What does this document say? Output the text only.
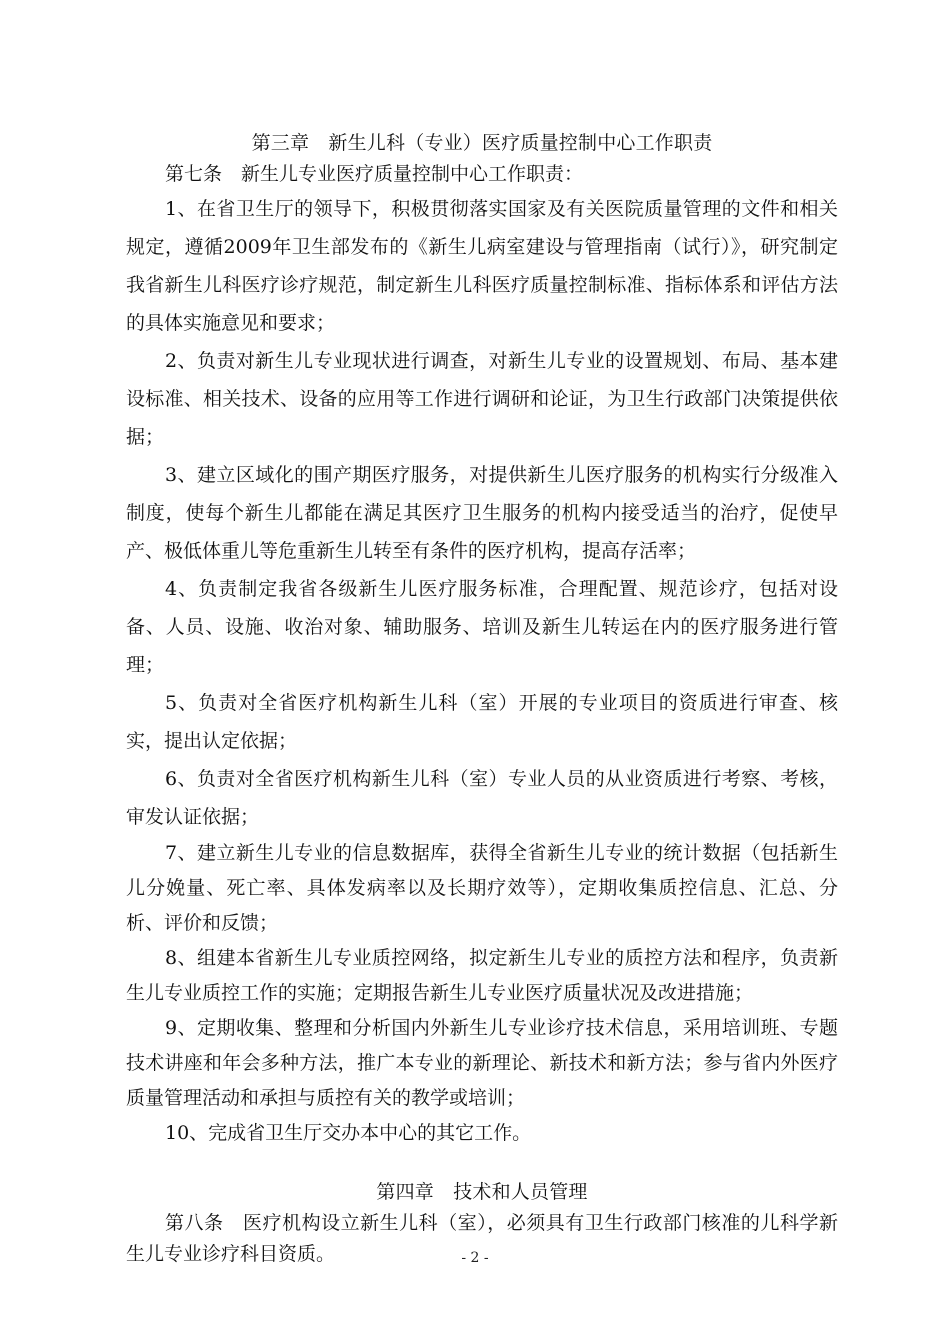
第三章　新生儿科（专业）医疗质量控制中心工作职责

第七条　新生儿专业医疗质量控制中心工作职责：

1、在省卫生厅的领导下，积极贯彻落实国家及有关医院质量管理的文件和相关规定，遵循2009年卫生部发布的《新生儿病室建设与管理指南（试行）》，研究制定我省新生儿科医疗诊疗规范，制定新生儿科医疗质量控制标准、指标体系和评估方法的具体实施意见和要求；

2、负责对新生儿专业现状进行调查，对新生儿专业的设置规划、布局、基本建设标准、相关技术、设备的应用等工作进行调研和论证，为卫生行政部门决策提供依据；

3、建立区域化的围产期医疗服务，对提供新生儿医疗服务的机构实行分级准入制度，使每个新生儿都能在满足其医疗卫生服务的机构内接受适当的治疗，促使早产、极低体重儿等危重新生儿转至有条件的医疗机构，提高存活率；

4、负责制定我省各级新生儿医疗服务标准，合理配置、规范诊疗，包括对设备、人员、设施、收治对象、辅助服务、培训及新生儿转运在内的医疗服务进行管理；

5、负责对全省医疗机构新生儿科（室）开展的专业项目的资质进行审查、核实，提出认定依据；

6、负责对全省医疗机构新生儿科（室）专业人员的从业资质进行考察、考核，审发认证依据；

7、建立新生儿专业的信息数据库，获得全省新生儿专业的统计数据（包括新生儿分娩量、死亡率、具体发病率以及长期疗效等），定期收集质控信息、汇总、分析、评价和反馈；

8、组建本省新生儿专业质控网络，拟定新生儿专业的质控方法和程序，负责新生儿专业质控工作的实施；定期报告新生儿专业医疗质量状况及改进措施；

9、定期收集、整理和分析国内外新生儿专业诊疗技术信息，采用培训班、专题技术讲座和年会多种方法，推广本专业的新理论、新技术和新方法；参与省内外医疗质量管理活动和承担与质控有关的教学或培训；

10、完成省卫生厅交办本中心的其它工作。

第四章　技术和人员管理

第八条　医疗机构设立新生儿科（室），必须具有卫生行政部门核准的儿科学新生儿专业诊疗科目资质。	- 2 -
